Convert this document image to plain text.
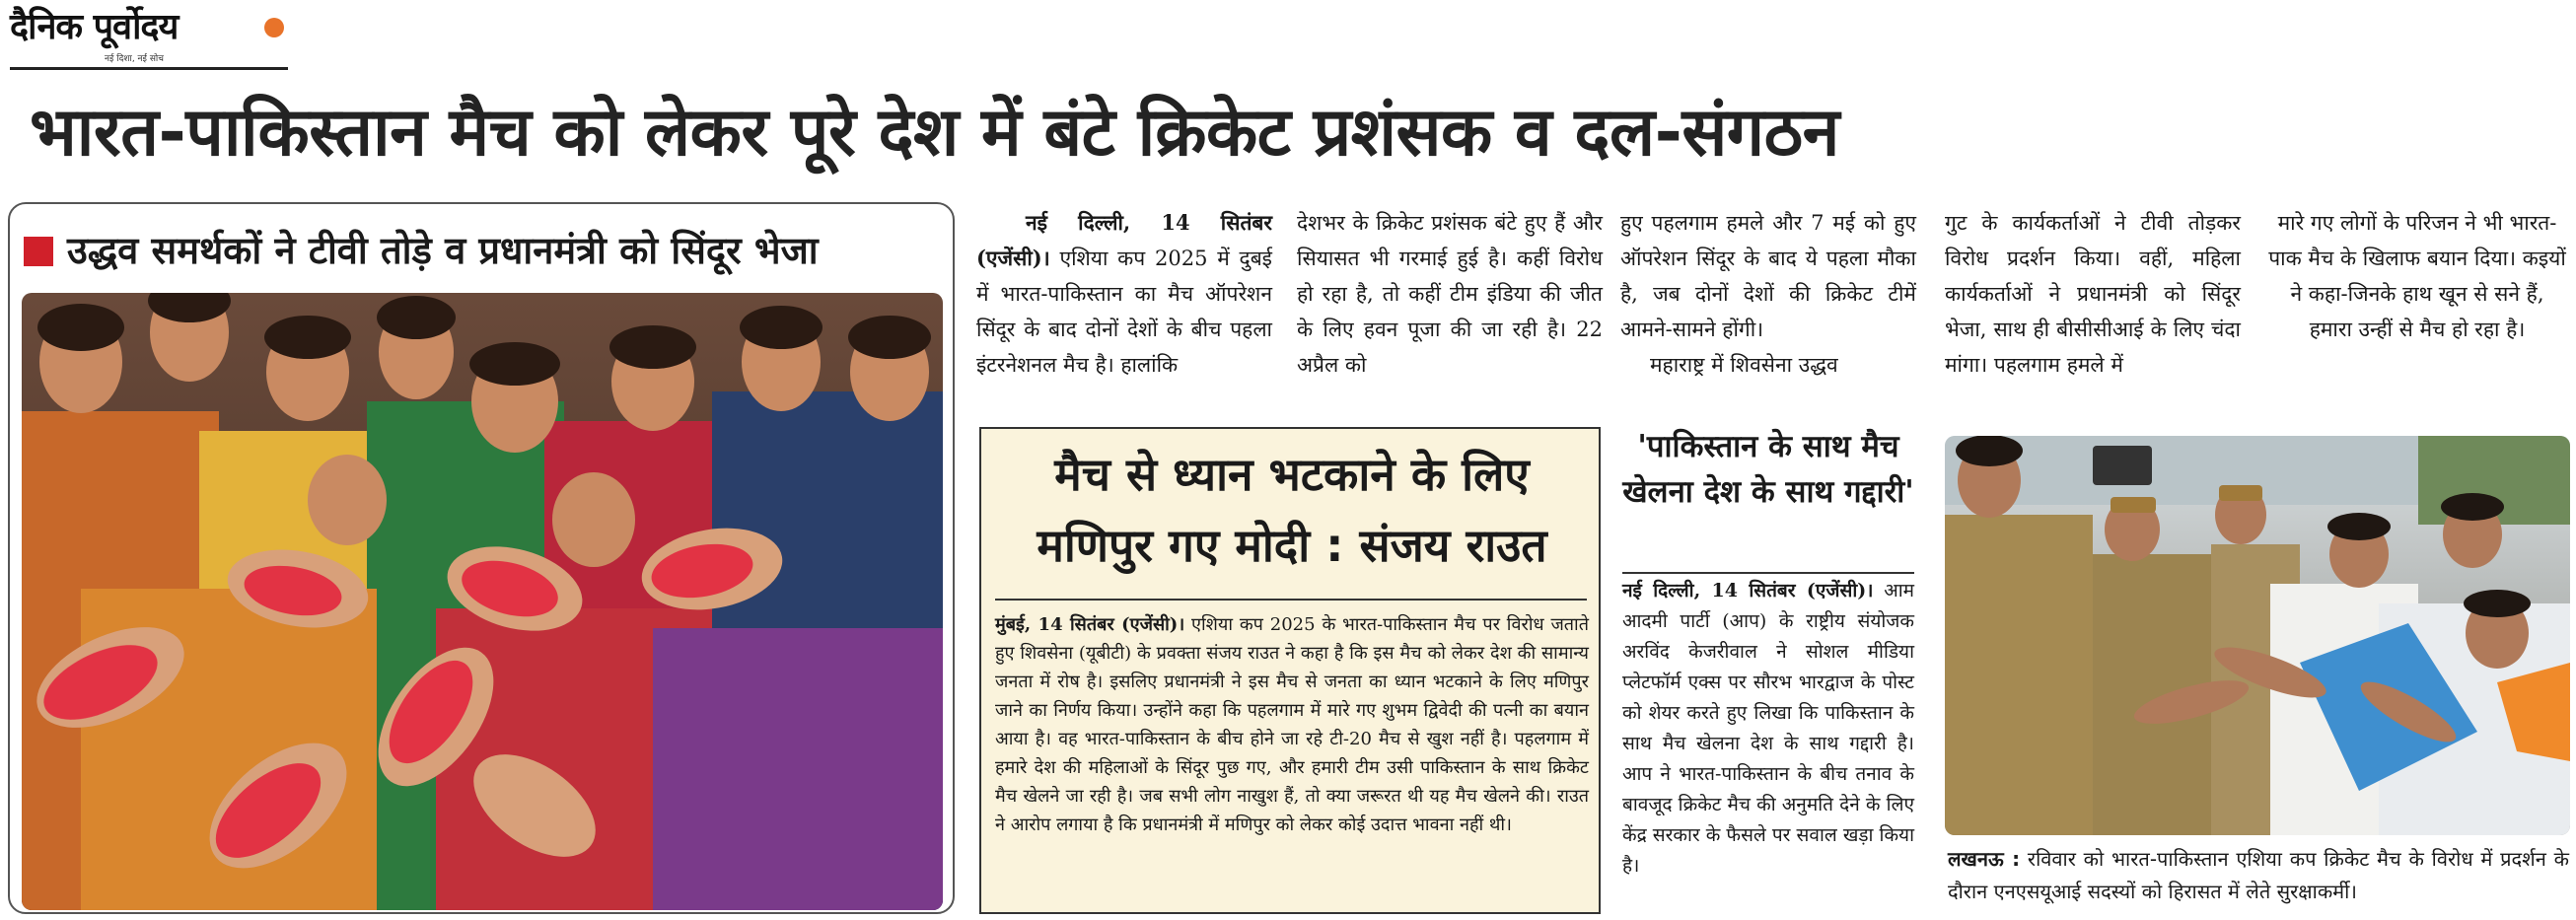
दैनिक पूर्वोदय
नई दिशा, नई सोच
भारत-पाकिस्तान मैच को लेकर पूरे देश में बंटे क्रिकेट प्रशंसक व दल-संगठन
उद्धव समर्थकों ने टीवी तोड़े व प्रधानमंत्री को सिंदूर भेजा

नई दिल्ली, 14 सितंबर (एजेंसी)। एशिया कप 2025 में दुबई में भारत-पाकिस्तान का मैच ऑपरेशन सिंदूर के बाद दोनों देशों के बीच पहला इंटरनेशनल मैच है। हालांकि

देशभर के क्रिकेट प्रशंसक बंटे हुए हैं और सियासत भी गरमाई हुई है। कहीं विरोध हो रहा है, तो कहीं टीम इंडिया की जीत के लिए हवन पूजा की जा रही है। 22 अप्रैल को

हुए पहलगाम हमले और 7 मई को हुए ऑपरेशन सिंदूर के बाद ये पहला मौका है, जब दोनों देशों की क्रिकेट टीमें आमने-सामने होंगी।

महाराष्ट्र में शिवसेना उद्धव

गुट के कार्यकर्ताओं ने टीवी तोड़कर विरोध प्रदर्शन किया। वहीं, महिला कार्यकर्ताओं ने प्रधानमंत्री को सिंदूर भेजा, साथ ही बीसीसीआई के लिए चंदा मांगा। पहलगाम हमले में

मारे गए लोगों के परिजन ने भी भारत-पाक मैच के खिलाफ बयान दिया। कइयों ने कहा-जिनके हाथ खून से सने हैं, हमारा उन्हीं से मैच हो रहा है।

मैच से ध्यान भटकाने के लिए
मणिपुर गए मोदी : संजय राउत
मुंबई, 14 सितंबर (एजेंसी)। एशिया कप 2025 के भारत-पाकिस्तान मैच पर विरोध जताते हुए शिवसेना (यूबीटी) के प्रवक्ता संजय राउत ने कहा है कि इस मैच को लेकर देश की सामान्य जनता में रोष है। इसलिए प्रधानमंत्री ने इस मैच से जनता का ध्यान भटकाने के लिए मणिपुर जाने का निर्णय किया। उन्होंने कहा कि पहलगाम में मारे गए शुभम द्विवेदी की पत्नी का बयान आया है। वह भारत-पाकिस्तान के बीच होने जा रहे टी-20 मैच से खुश नहीं है। पहलगाम में हमारे देश की महिलाओं के सिंदूर पुछ गए, और हमारी टीम उसी पाकिस्तान के साथ क्रिकेट मैच खेलने जा रही है। जब सभी लोग नाखुश हैं, तो क्या जरूरत थी यह मैच खेलने की। राउत ने आरोप लगाया है कि प्रधानमंत्री में मणिपुर को लेकर कोई उदात्त भावना नहीं थी।
'पाकिस्तान के साथ मैच खेलना देश के साथ गद्दारी'
नई दिल्ली, 14 सितंबर (एजेंसी)। आम आदमी पार्टी (आप) के राष्ट्रीय संयोजक अरविंद केजरीवाल ने सोशल मीडिया प्लेटफॉर्म एक्स पर सौरभ भारद्वाज के पोस्ट को शेयर करते हुए लिखा कि पाकिस्तान के साथ मैच खेलना देश के साथ गद्दारी है। आप ने भारत-पाकिस्तान के बीच तनाव के बावजूद क्रिकेट मैच की अनुमति देने के लिए केंद्र सरकार के फैसले पर सवाल खड़ा किया है।	लखनऊ : रविवार को भारत-पाकिस्तान एशिया कप क्रिकेट मैच के विरोध में प्रदर्शन के दौरान एनएसयूआई सदस्यों को हिरासत में लेते सुरक्षाकर्मी।
